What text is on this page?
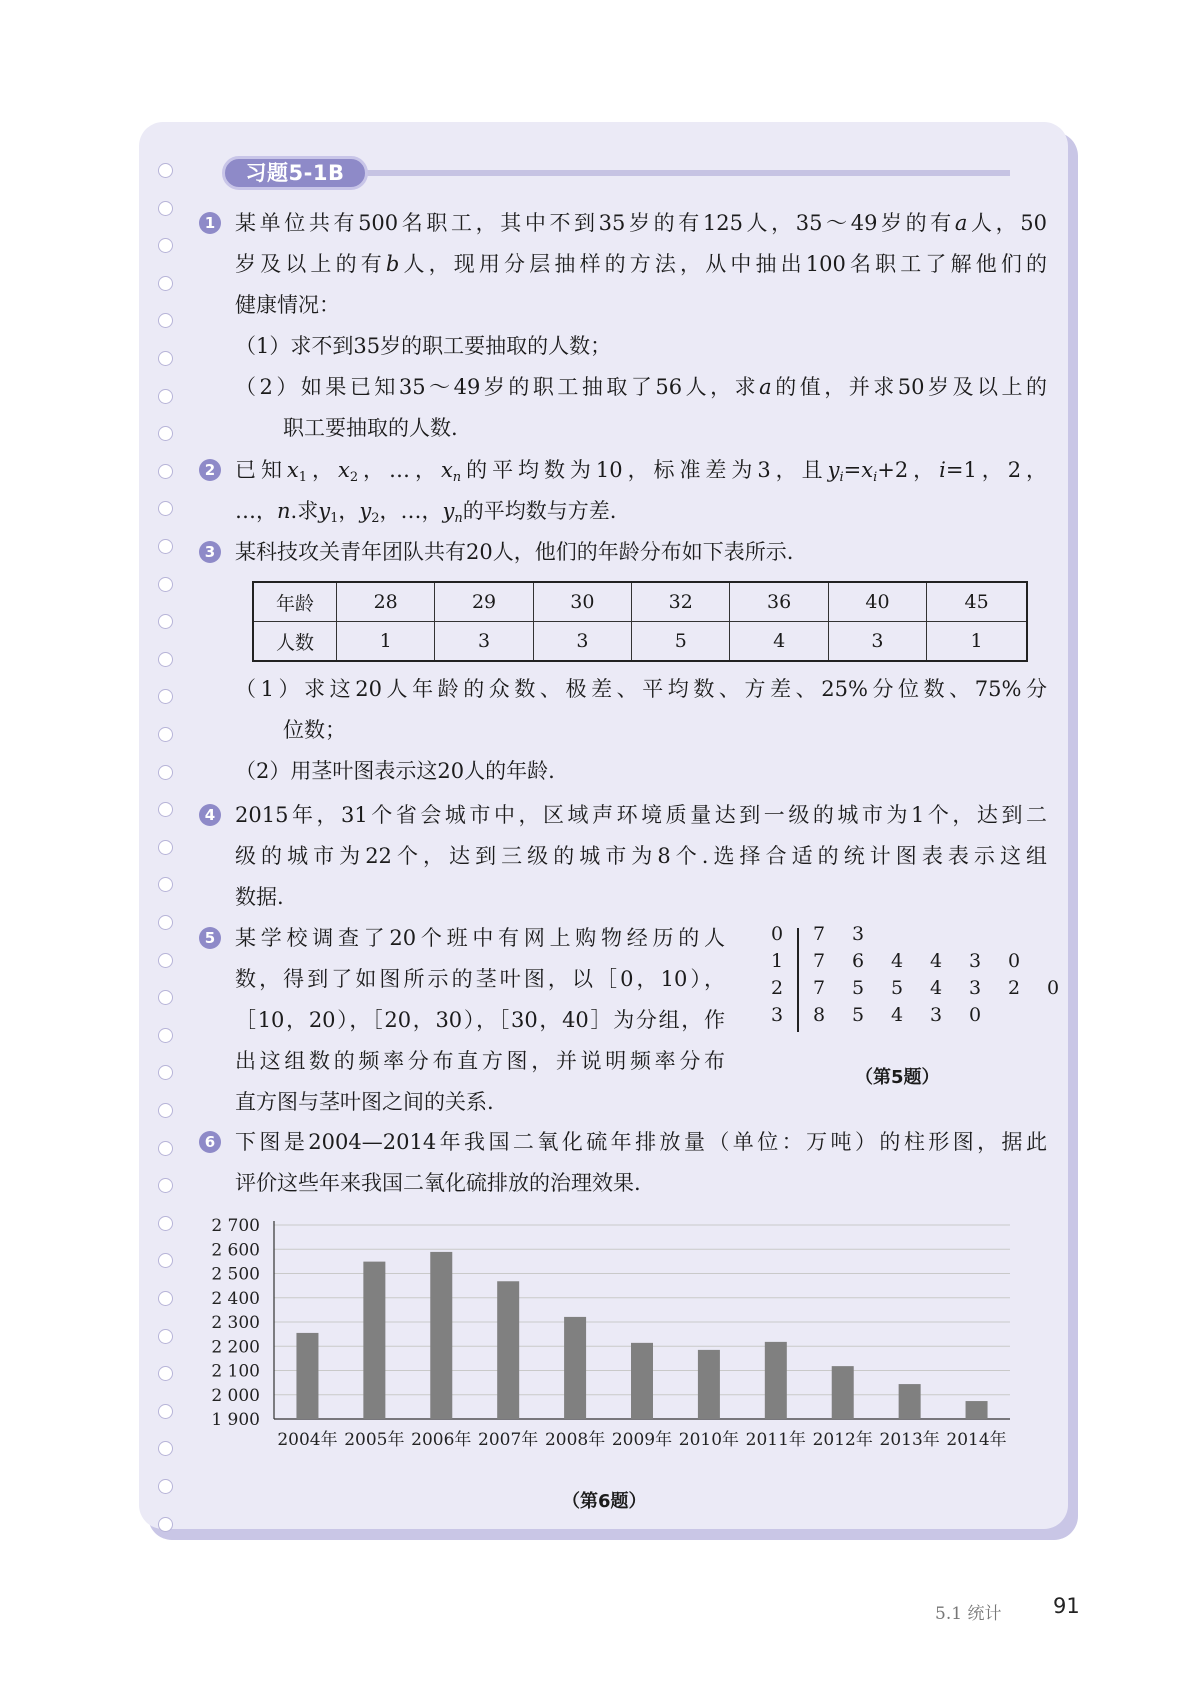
习题5-1B
1 某单位共有500名职工，其中不到35岁的有125人，35～49岁的有a人，50
岁及以上的有b人，现用分层抽样的方法，从中抽出100名职工了解他们的
健康情况：
（1）求不到35岁的职工要抽取的人数；
（2）如果已知35～49岁的职工抽取了56人，求a的值，并求50岁及以上的
职工要抽取的人数.
2 已知$x_1$，$x_2$，…，$x_n$的平均数为10，标准差为3，且$y_i=x_i+2$，i=1，2，
…，n.求$y_1$，$y_2$，…，$y_n$的平均数与方差.
3 某科技攻关青年团队共有20人，他们的年龄分布如下表所示.
年龄	28	29	30	32	36	40	45
人数	1	3	3	5	4	3	1
（1）求这20人年龄的众数、极差、平均数、方差、25%分位数、75%分
位数；
（2）用茎叶图表示这20人的年龄.
4 2015年，31个省会城市中，区域声环境质量达到一级的城市为1个，达到二
级的城市为22个，达到三级的城市为8个.选择合适的统计图表表示这组
数据.
5 某学校调查了20个班中有网上购物经历的人
数，得到了如图所示的茎叶图，以［0，10），
［10，20），［20，30），［30，40］为分组，作
出这组数的频率分布直方图，并说明频率分布
直方图与茎叶图之间的关系.
0 7 3
1 7 6 4 4 3 0
2 7 5 5 4 3 2 0
3 8 5 4 3 0
（第5题）
6 下图是2004—2014年我国二氧化硫年排放量（单位：万吨）的柱形图，据此
评价这些年来我国二氧化硫排放的治理效果.
1 900
2 000
2 100
2 200
2 300
2 400
2 500
2 600
2 700
2004年 2005年 2006年 2007年 2008年 2009年 2010年 2011年 2012年 2013年 2014年
（第6题）
5.1 统计 91
